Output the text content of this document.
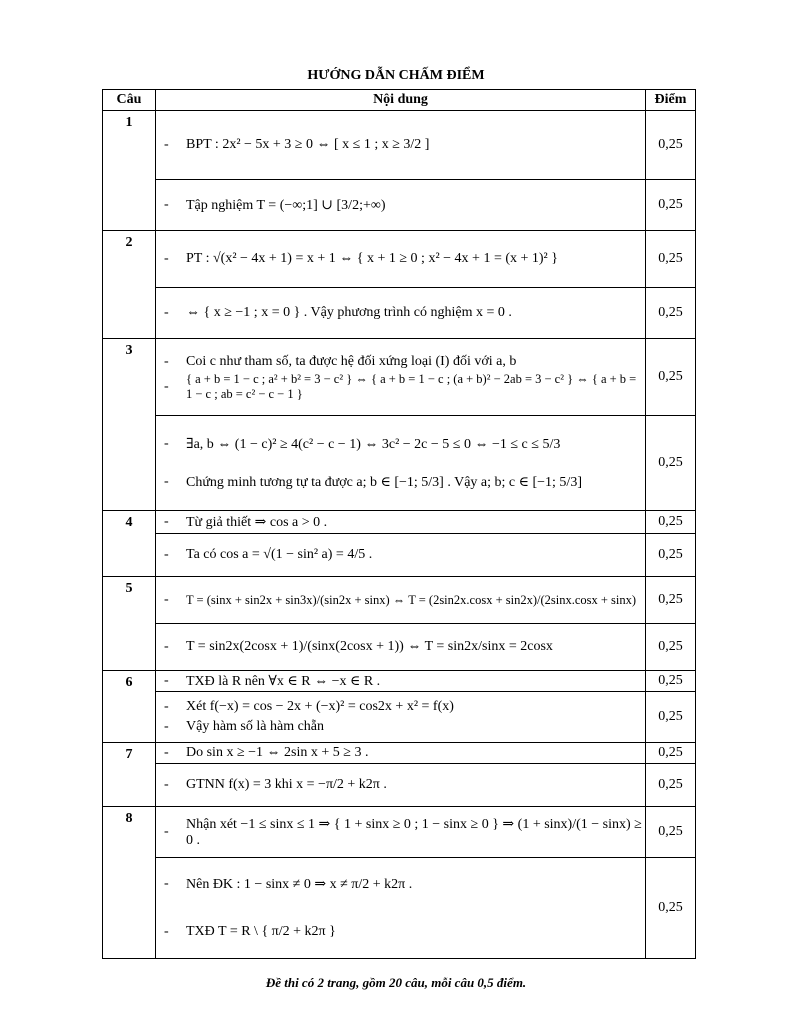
HƯỚNG DẪN CHẤM ĐIỂM
Câu	Nội dung	Điểm
1	- BPT : 2x² − 5x + 3 ≥ 0 ⇔ [ x ≤ 1 ; x ≥ 3/2 ]	0,25

	- Tập nghiệm T = (−∞;1] ∪ [3/2;+∞)	0,25
2	- PT : √(x² − 4x + 1) = x + 1 ⇔ { x + 1 ≥ 0 ; x² − 4x + 1 = (x + 1)² }	0,25

	- ⇔ { x ≥ −1 ; x = 0 } . Vậy phương trình có nghiệm x = 0 .	0,25
3	- Coi c như tham số, ta được hệ đối xứng loại (I) đối với a, b
- { a + b = 1 − c ; a² + b² = 3 − c² } ⇔ { a + b = 1 − c ; (a + b)² − 2ab = 3 − c² } ⇔ { a + b = 1 − c ; ab = c² − c − 1 }	0,25

	- ∃a, b ⇔ (1 − c)² ≥ 4(c² − c − 1) ⇔ 3c² − 2c − 5 ≤ 0 ⇔ −1 ≤ c ≤ 5/3
- Chứng minh tương tự ta được a; b ∈ [−1; 5/3] . Vậy a; b; c ∈ [−1; 5/3]	0,25
4	- Từ giả thiết ⇒ cos a > 0 .	0,25

	- Ta có cos a = √(1 − sin² a) = 4/5 .	0,25
5	- T = (sinx + sin2x + sin3x)/(sin2x + sinx) ⇔ T = (2sin2x.cosx + sin2x)/(2sinx.cosx + sinx)	0,25

	- T = sin2x(2cosx + 1)/(sinx(2cosx + 1)) ⇔ T = sin2x/sinx = 2cosx	0,25
6	- TXĐ là R nên ∀x ∈ R ⇔ −x ∈ R .	0,25

	- Xét f(−x) = cos − 2x + (−x)² = cos2x + x² = f(x)
- Vậy hàm số là hàm chẵn	0,25
7	- Do sin x ≥ −1 ⇔ 2sin x + 5 ≥ 3 .	0,25

	- GTNN f(x) = 3 khi x = −π/2 + k2π .	0,25
8	- Nhận xét −1 ≤ sinx ≤ 1 ⇒ { 1 + sinx ≥ 0 ; 1 − sinx ≥ 0 } ⇒ (1 + sinx)/(1 − sinx) ≥ 0 .	0,25

	- Nên ĐK : 1 − sinx ≠ 0 ⇒ x ≠ π/2 + k2π .
- TXĐ T = R \ { π/2 + k2π }	0,25
Đề thi có 2 trang, gồm 20 câu, mỗi câu 0,5 điểm.
